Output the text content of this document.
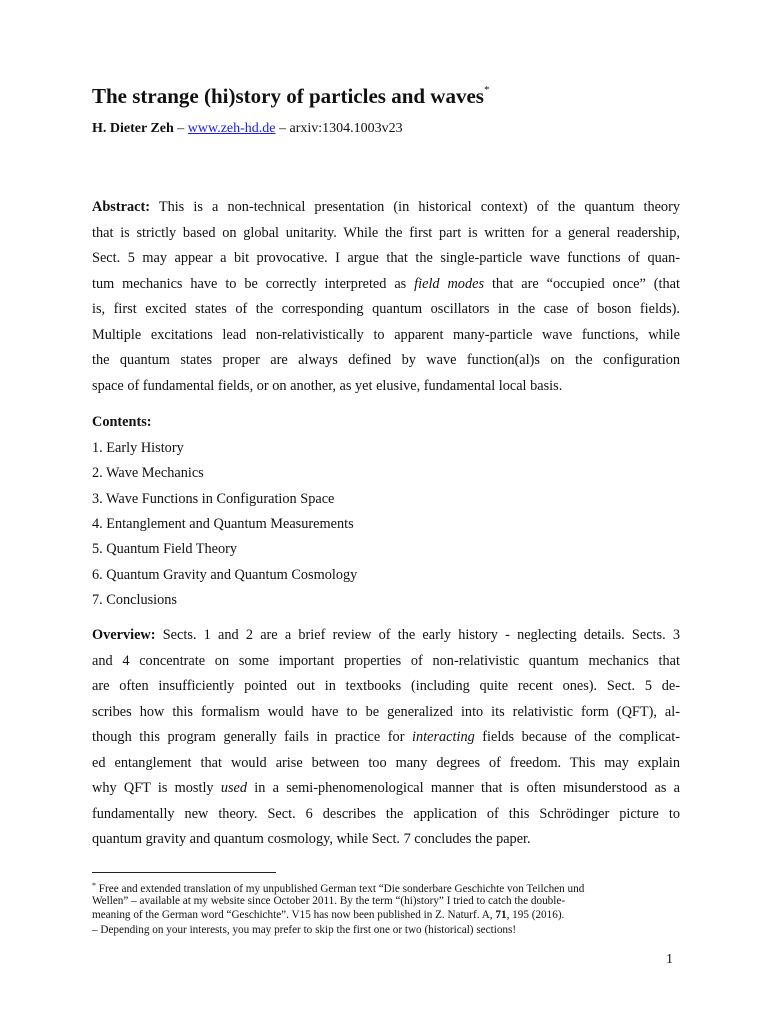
The strange (hi)story of particles and waves*
H. Dieter Zeh – www.zeh-hd.de – arxiv:1304.1003v23
Abstract: This is a non-technical presentation (in historical context) of the quantum theory
that is strictly based on global unitarity. While the first part is written for a general readership,
Sect. 5 may appear a bit provocative. I argue that the single-particle wave functions of quan-
tum mechanics have to be correctly interpreted as field modes that are “occupied once” (that
is, first excited states of the corresponding quantum oscillators in the case of boson fields).
Multiple excitations lead non-relativistically to apparent many-particle wave functions, while
the quantum states proper are always defined by wave function(al)s on the configuration
space of fundamental fields, or on another, as yet elusive, fundamental local basis.
Contents:
1. Early History
2. Wave Mechanics
3. Wave Functions in Configuration Space
4. Entanglement and Quantum Measurements
5. Quantum Field Theory
6. Quantum Gravity and Quantum Cosmology
7. Conclusions
Overview: Sects. 1 and 2 are a brief review of the early history - neglecting details. Sects. 3
and 4 concentrate on some important properties of non-relativistic quantum mechanics that
are often insufficiently pointed out in textbooks (including quite recent ones). Sect. 5 de-
scribes how this formalism would have to be generalized into its relativistic form (QFT), al-
though this program generally fails in practice for interacting fields because of the complicat-
ed entanglement that would arise between too many degrees of freedom. This may explain
why QFT is mostly used in a semi-phenomenological manner that is often misunderstood as a
fundamentally new theory. Sect. 6 describes the application of this Schrödinger picture to
quantum gravity and quantum cosmology, while Sect. 7 concludes the paper.
* Free and extended translation of my unpublished German text “Die sonderbare Geschichte von Teilchen und
Wellen” – available at my website since October 2011. By the term “(hi)story” I tried to catch the double-
meaning of the German word “Geschichte”. V15 has now been published in Z. Naturf. A, 71, 195 (2016).
– Depending on your interests, you may prefer to skip the first one or two (historical) sections!
1
